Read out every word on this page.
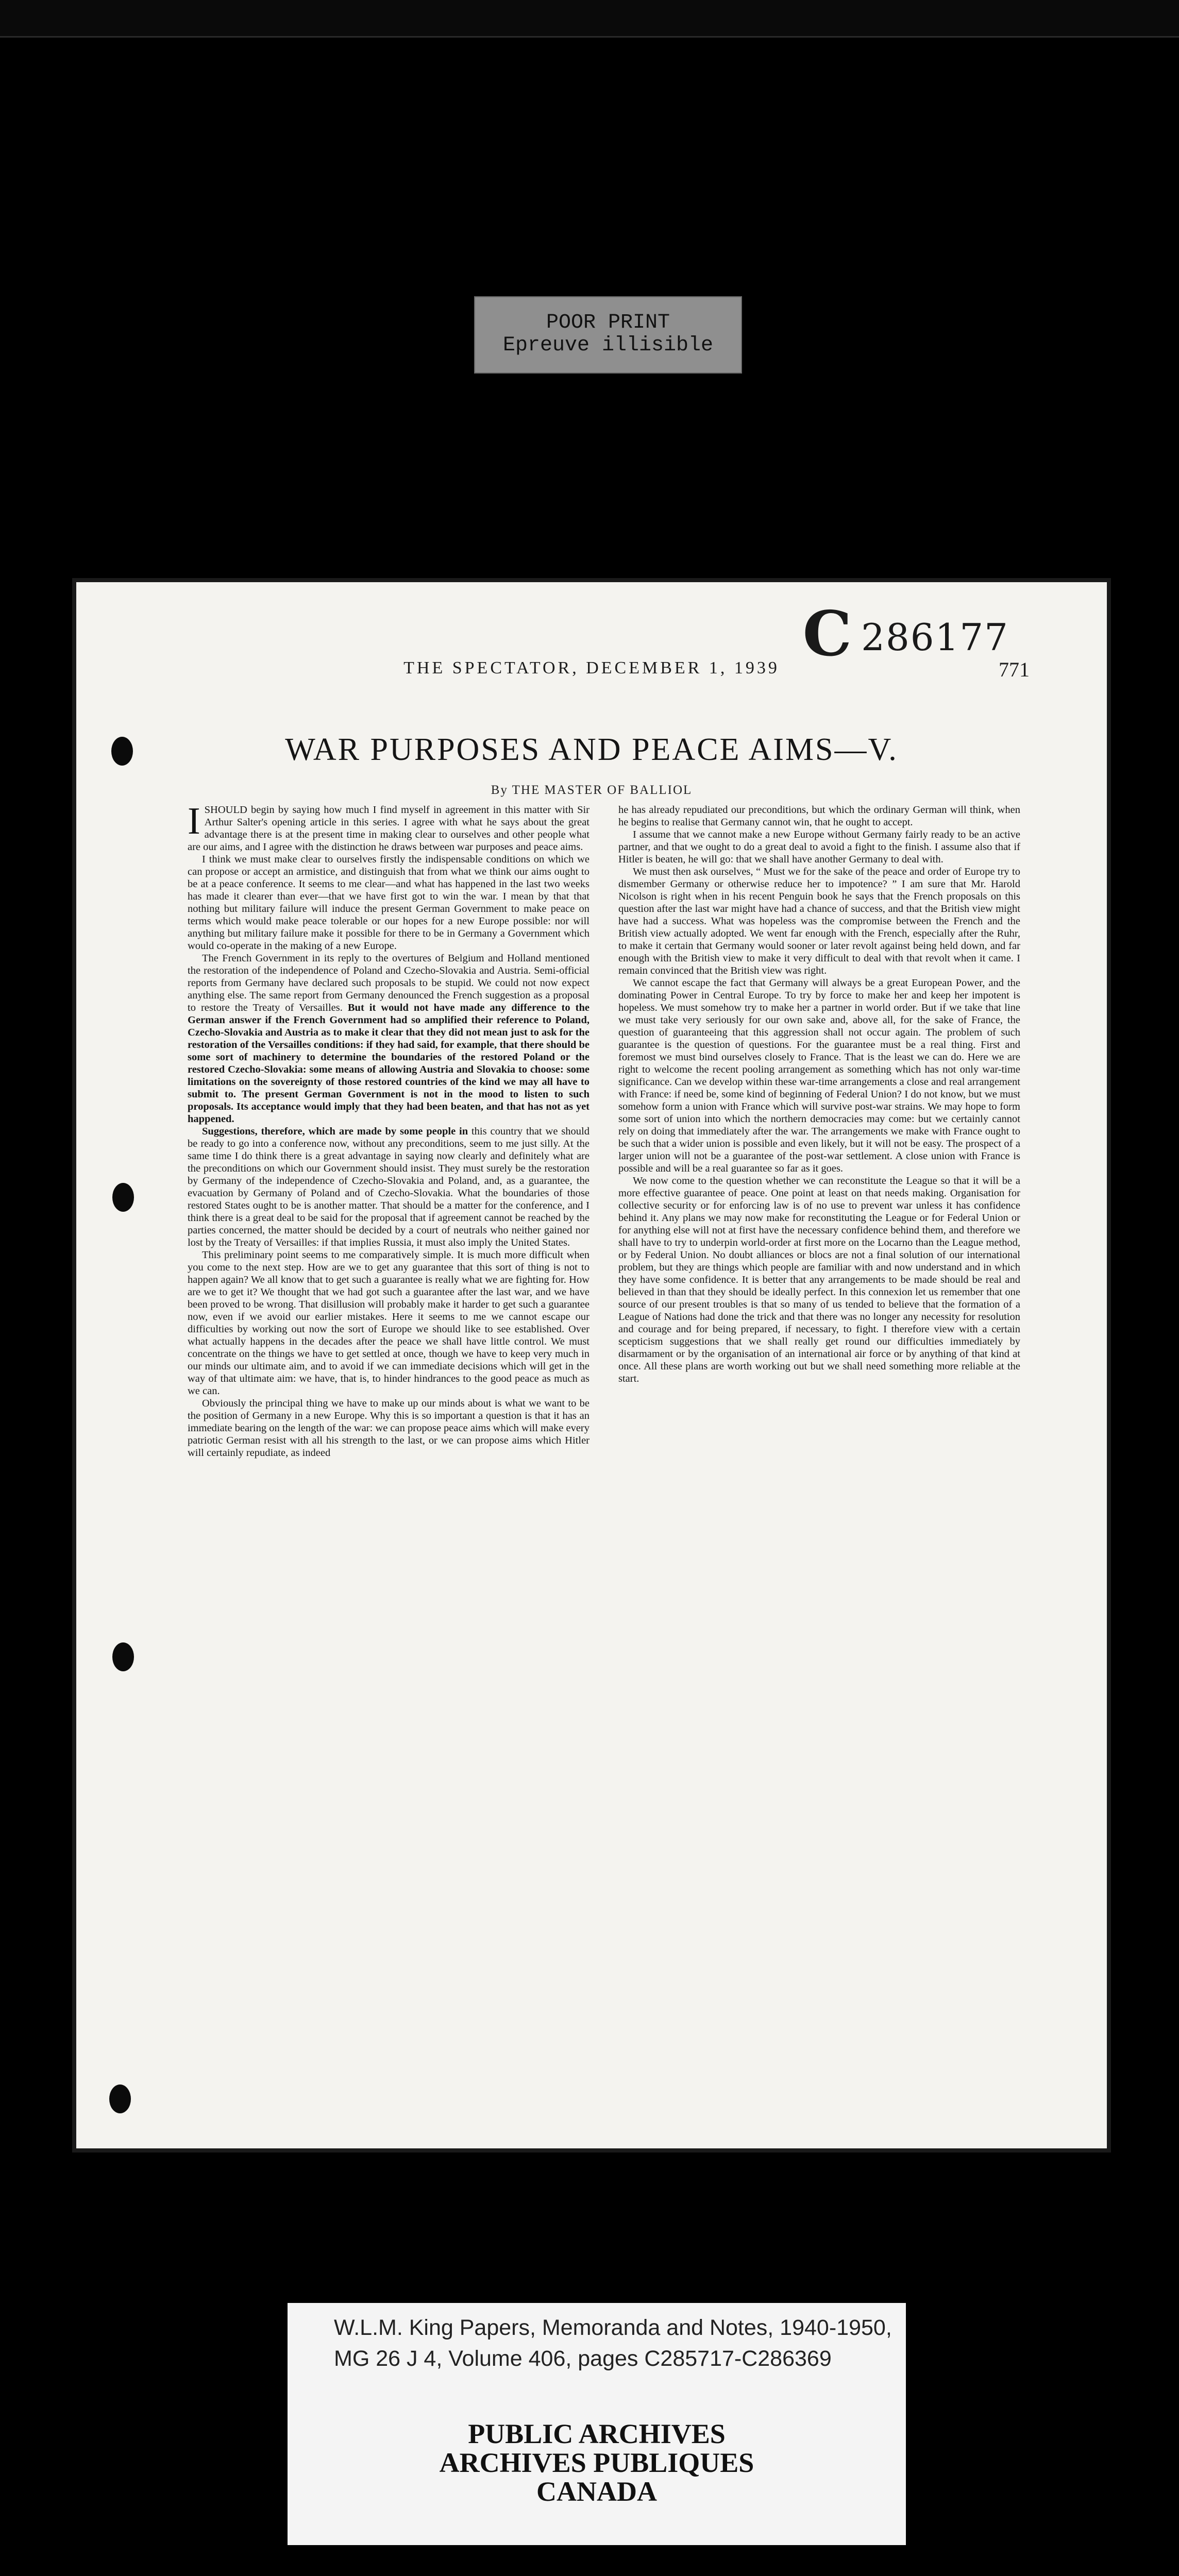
POOR PRINT
Epreuve illisible
C 286177
THE SPECTATOR, DECEMBER 1, 1939	771
WAR PURPOSES AND PEACE AIMS—V.
By THE MASTER OF BALLIOL

I SHOULD begin by saying how much I find myself in agreement in this matter with Sir Arthur Salter's opening article in this series. I agree with what he says about the great advantage there is at the present time in making clear to ourselves and other people what are our aims, and I agree with the distinction he draws between war purposes and peace aims.

I think we must make clear to ourselves firstly the indispensable conditions on which we can propose or accept an armistice, and distinguish that from what we think our aims ought to be at a peace conference. It seems to me clear—and what has happened in the last two weeks has made it clearer than ever—that we have first got to win the war. I mean by that that nothing but military failure will induce the present German Government to make peace on terms which would make peace tolerable or our hopes for a new Europe possible: nor will anything but military failure make it possible for there to be in Germany a Government which would co-operate in the making of a new Europe.

The French Government in its reply to the overtures of Belgium and Holland mentioned the restoration of the independence of Poland and Czecho-Slovakia and Austria. Semi-official reports from Germany have declared such proposals to be stupid. We could not now expect anything else. The same report from Germany denounced the French suggestion as a proposal to restore the Treaty of Versailles. But it would not have made any difference to the German answer if the French Government had so amplified their reference to Poland, Czecho-Slovakia and Austria as to make it clear that they did not mean just to ask for the restoration of the Versailles conditions: if they had said, for example, that there should be some sort of machinery to determine the boundaries of the restored Poland or the restored Czecho-Slovakia: some means of allowing Austria and Slovakia to choose: some limitations on the sovereignty of those restored countries of the kind we may all have to submit to. The present German Government is not in the mood to listen to such proposals. Its acceptance would imply that they had been beaten, and that has not as yet happened.

Suggestions, therefore, which are made by some people in this country that we should be ready to go into a conference now, without any preconditions, seem to me just silly. At the same time I do think there is a great advantage in saying now clearly and definitely what are the preconditions on which our Government should insist. They must surely be the restoration by Germany of the independence of Czecho-Slovakia and Poland, and, as a guarantee, the evacuation by Germany of Poland and of Czecho-Slovakia. What the boundaries of those restored States ought to be is another matter. That should be a matter for the conference, and I think there is a great deal to be said for the proposal that if agreement cannot be reached by the parties concerned, the matter should be decided by a court of neutrals who neither gained nor lost by the Treaty of Versailles: if that implies Russia, it must also imply the United States.

This preliminary point seems to me comparatively simple. It is much more difficult when you come to the next step. How are we to get any guarantee that this sort of thing is not to happen again? We all know that to get such a guarantee is really what we are fighting for. How are we to get it? We thought that we had got such a guarantee after the last war, and we have been proved to be wrong. That disillusion will probably make it harder to get such a guarantee now, even if we avoid our earlier mistakes. Here it seems to me we cannot escape our difficulties by working out now the sort of Europe we should like to see established. Over what actually happens in the decades after the peace we shall have little control. We must concentrate on the things we have to get settled at once, though we have to keep very much in our minds our ultimate aim, and to avoid if we can immediate decisions which will get in the way of that ultimate aim: we have, that is, to hinder hindrances to the good peace as much as we can.

Obviously the principal thing we have to make up our minds about is what we want to be the position of Germany in a new Europe. Why this is so important a question is that it has an immediate bearing on the length of the war: we can propose peace aims which will make every patriotic German resist with all his strength to the last, or we can propose aims which Hitler will certainly repudiate, as indeed

he has already repudiated our preconditions, but which the ordinary German will think, when he begins to realise that Germany cannot win, that he ought to accept.

I assume that we cannot make a new Europe without Germany fairly ready to be an active partner, and that we ought to do a great deal to avoid a fight to the finish. I assume also that if Hitler is beaten, he will go: that we shall have another Germany to deal with.

We must then ask ourselves, “ Must we for the sake of the peace and order of Europe try to dismember Germany or otherwise reduce her to impotence? ” I am sure that Mr. Harold Nicolson is right when in his recent Penguin book he says that the French proposals on this question after the last war might have had a chance of success, and that the British view might have had a success. What was hopeless was the compromise between the French and the British view actually adopted. We went far enough with the French, especially after the Ruhr, to make it certain that Germany would sooner or later revolt against being held down, and far enough with the British view to make it very difficult to deal with that revolt when it came. I remain convinced that the British view was right.

We cannot escape the fact that Germany will always be a great European Power, and the dominating Power in Central Europe. To try by force to make her and keep her impotent is hopeless. We must somehow try to make her a partner in world order. But if we take that line we must take very seriously for our own sake and, above all, for the sake of France, the question of guaranteeing that this aggression shall not occur again. The problem of such guarantee is the question of questions. For the guarantee must be a real thing. First and foremost we must bind ourselves closely to France. That is the least we can do. Here we are right to welcome the recent pooling arrangement as something which has not only war-time significance. Can we develop within these war-time arrangements a close and real arrangement with France: if need be, some kind of beginning of Federal Union? I do not know, but we must somehow form a union with France which will survive post-war strains. We may hope to form some sort of union into which the northern democracies may come: but we certainly cannot rely on doing that immediately after the war. The arrangements we make with France ought to be such that a wider union is possible and even likely, but it will not be easy. The prospect of a larger union will not be a guarantee of the post-war settlement. A close union with France is possible and will be a real guarantee so far as it goes.

We now come to the question whether we can reconstitute the League so that it will be a more effective guarantee of peace. One point at least on that needs making. Organisation for collective security or for enforcing law is of no use to prevent war unless it has confidence behind it. Any plans we may now make for reconstituting the League or for Federal Union or for anything else will not at first have the necessary confidence behind them, and therefore we shall have to try to underpin world-order at first more on the Locarno than the League method, or by Federal Union. No doubt alliances or blocs are not a final solution of our international problem, but they are things which people are familiar with and now understand and in which they have some confidence. It is better that any arrangements to be made should be real and believed in than that they should be ideally perfect. In this connexion let us remember that one source of our present troubles is that so many of us tended to believe that the formation of a League of Nations had done the trick and that there was no longer any necessity for resolution and courage and for being prepared, if necessary, to fight. I therefore view with a certain scepticism suggestions that we shall really get round our difficulties immediately by disarmament or by the organisation of an international air force or by anything of that kind at once. All these plans are worth working out but we shall need something more reliable at the start.

W.L.M. King Papers, Memoranda and Notes, 1940-1950,
MG 26 J 4, Volume 406, pages C285717-C286369
PUBLIC ARCHIVES
ARCHIVES PUBLIQUES
CANADA
